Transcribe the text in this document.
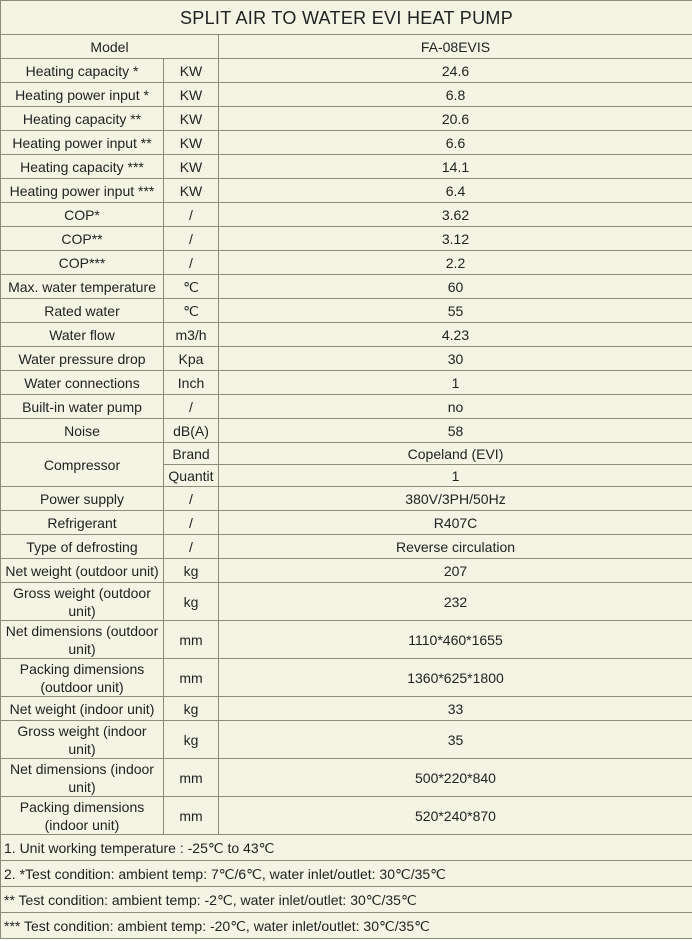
SPLIT AIR TO WATER EVI HEAT PUMP		
Model		FA-08EVIS
Heating capacity *	KW	24.6
Heating power input *	KW	6.8
Heating capacity **	KW	20.6
Heating power input **	KW	6.6
Heating capacity ***	KW	14.1
Heating power input ***	KW	6.4
COP*	/	3.62
COP**	/	3.12
COP***	/	2.2
Max. water temperature	℃	60
Rated water	℃	55
Water flow	m3/h	4.23
Water pressure drop	Kpa	30
Water connections	Inch	1
Built-in water pump	/	no
Noise	dB(A)	58
Compressor	Brand	Copeland (EVI)
	Quantit	1
Power supply	/	380V/3PH/50Hz
Refrigerant	/	R407C
Type of defrosting	/	Reverse circulation
Net weight (outdoor unit)	kg	207
Gross weight (outdoor unit)	kg	232
Net dimensions (outdoor unit)	mm	1110*460*1655
Packing dimensions (outdoor unit)	mm	1360*625*1800
Net weight (indoor unit)	kg	33
Gross weight (indoor unit)	kg	35
Net dimensions (indoor unit)	mm	500*220*840
Packing dimensions (indoor unit)	mm	520*240*870
1. Unit working temperature : -25℃ to 43℃		
2. *Test condition: ambient temp: 7℃/6℃, water inlet/outlet: 30℃/35℃		
** Test condition: ambient temp: -2℃, water inlet/outlet: 30℃/35℃		
*** Test condition: ambient temp: -20℃, water inlet/outlet: 30℃/35℃		
